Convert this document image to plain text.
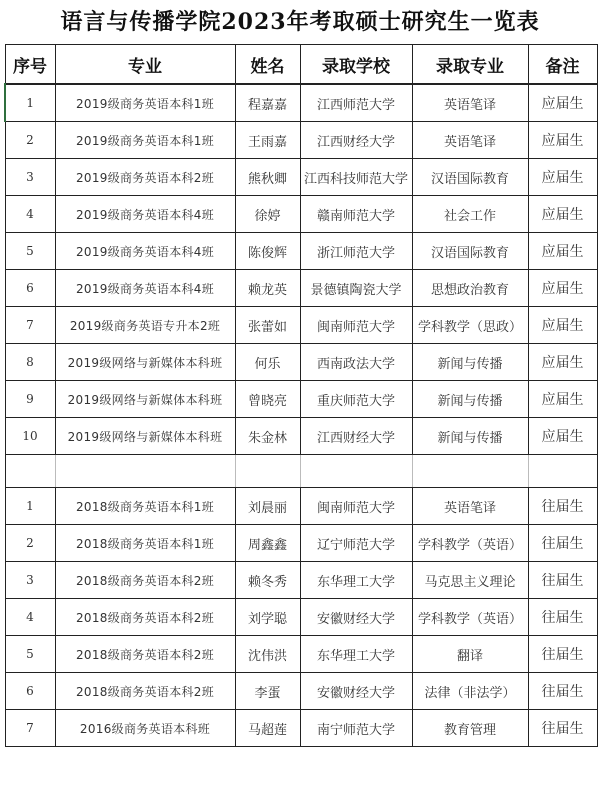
语言与传播学院2023年考取硕士研究生一览表
序号	专业	姓名	录取学校	录取专业	备注
1	2019级商务英语本科1班	程嘉嘉	江西师范大学	英语笔译	应届生
2	2019级商务英语本科1班	王雨嘉	江西财经大学	英语笔译	应届生
3	2019级商务英语本科2班	熊秋卿	江西科技师范大学	汉语国际教育	应届生
4	2019级商务英语本科4班	徐婷	赣南师范大学	社会工作	应届生
5	2019级商务英语本科4班	陈俊辉	浙江师范大学	汉语国际教育	应届生
6	2019级商务英语本科4班	赖龙英	景德镇陶瓷大学	思想政治教育	应届生
7	2019级商务英语专升本2班	张蕾如	闽南师范大学	学科教学（思政）	应届生
8	2019级网络与新媒体本科班	何乐	西南政法大学	新闻与传播	应届生
9	2019级网络与新媒体本科班	曾晓亮	重庆师范大学	新闻与传播	应届生
10	2019级网络与新媒体本科班	朱金林	江西财经大学	新闻与传播	应届生

1	2018级商务英语本科1班	刘晨丽	闽南师范大学	英语笔译	往届生
2	2018级商务英语本科1班	周鑫鑫	辽宁师范大学	学科教学（英语）	往届生
3	2018级商务英语本科2班	赖冬秀	东华理工大学	马克思主义理论	往届生
4	2018级商务英语本科2班	刘学聪	安徽财经大学	学科教学（英语）	往届生
5	2018级商务英语本科2班	沈伟洪	东华理工大学	翻译	往届生
6	2018级商务英语本科2班	李蛋	安徽财经大学	法律（非法学）	往届生
7	2016级商务英语本科班	马超莲	南宁师范大学	教育管理	往届生
